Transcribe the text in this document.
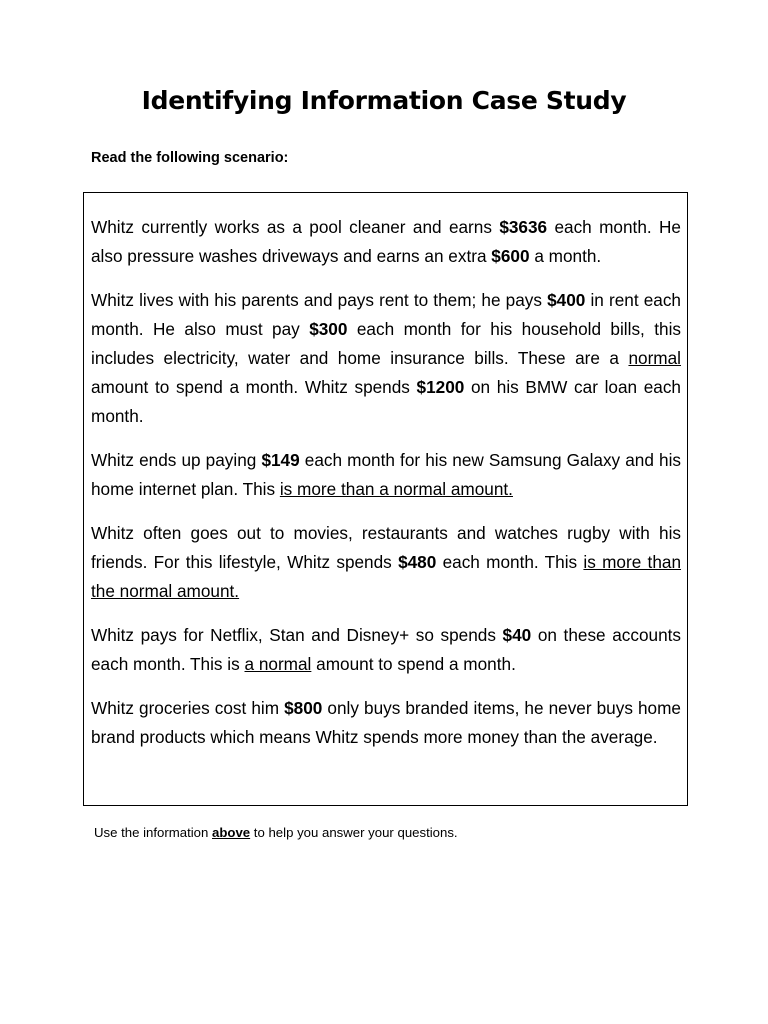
Identifying Information Case Study
Read the following scenario:

Whitz currently works as a pool cleaner and earns $3636 each month. He also pressure washes driveways and earns an extra $600 a month.

Whitz lives with his parents and pays rent to them; he pays $400 in rent each month. He also must pay $300 each month for his household bills, this includes electricity, water and home insurance bills. These are a normal amount to spend a month. Whitz spends $1200 on his BMW car loan each month.

Whitz ends up paying $149 each month for his new Samsung Galaxy and his home internet plan. This is more than a normal amount.

Whitz often goes out to movies, restaurants and watches rugby with his friends. For this lifestyle, Whitz spends $480 each month. This is more than the normal amount.

Whitz pays for Netflix, Stan and Disney+ so spends $40 on these accounts each month. This is a normal amount to spend a month.

Whitz groceries cost him $800 only buys branded items, he never buys home brand products which means Whitz spends more money than the average.

Use the information above to help you answer your questions.
